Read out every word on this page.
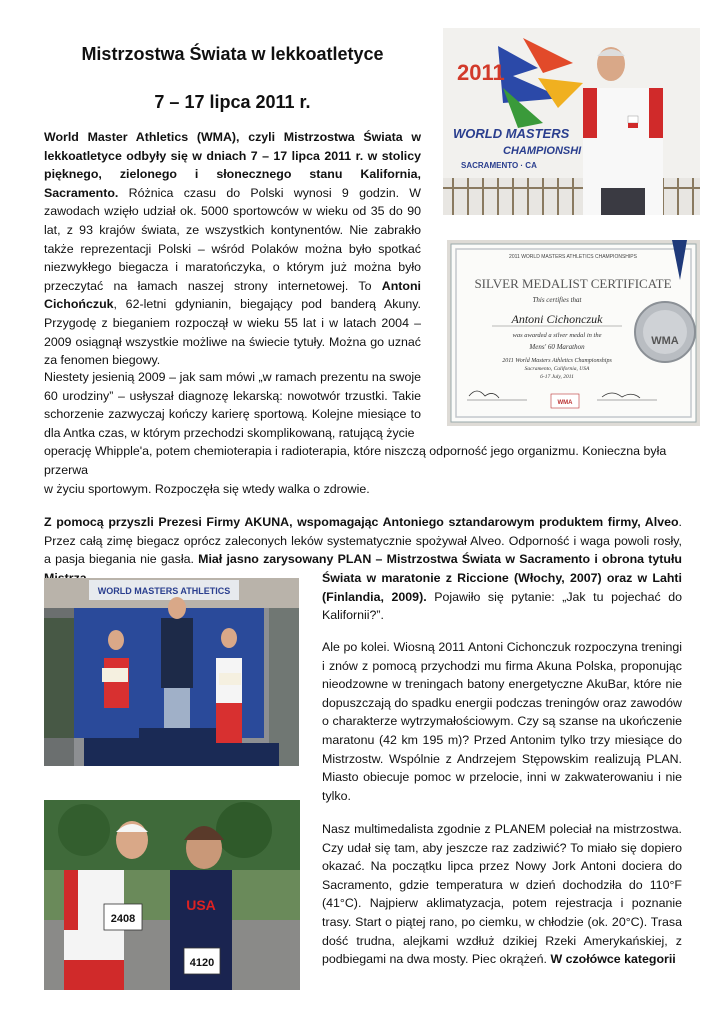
Mistrzostwa Świata w lekkoatletyce
7 – 17 lipca 2011 r.

World Master Athletics (WMA), czyli Mistrzostwa Świata w lekkoatletyce odbyły się w dniach 7 – 17 lipca 2011 r. w stolicy pięknego, zielonego i słonecznego stanu Kalifornia, Sacramento. Różnica czasu do Polski wynosi 9 godzin. W zawodach wzięło udział ok. 5000 sportowców w wieku od 35 do 90 lat, z 93 krajów świata, ze wszystkich kontynentów. Nie zabrakło także reprezentacji Polski – wśród Polaków można było spotkać niezwykłego biegacza i maratończyka, o którym już można było przeczytać na łamach naszej strony internetowej. To Antoni Cichończuk, 62-letni gdynianin, biegający pod banderą Akuny. Przygodę z bieganiem rozpoczął w wieku 55 lat i w latach 2004 – 2009 osiągnął wszystkie możliwe na świecie tytuły. Można go uznać za fenomen biegowy.

Niestety jesienią 2009 – jak sam mówi „w ramach prezentu na swoje 60 urodziny” – usłyszał diagnozę lekarską: nowotwór trzustki. Takie schorzenie zazwyczaj kończy karierę sportową. Kolejne miesiące to dla Antka czas, w którym przechodzi skomplikowaną, ratującą życie

operację Whipple'a, potem chemioterapia i radioterapia, które niszczą odporność jego organizmu. Konieczna była przerwa

w życiu sportowym. Rozpoczęła się wtedy walka o zdrowie.

Z pomocą przyszli Prezesi Firmy AKUNA, wspomagając Antoniego sztandarowym produktem firmy, Alveo. Przez całą zimę biegacz oprócz zaleconych leków systematycznie spożywał Alveo. Odporność i waga powoli rosły, a pasja biegania nie gasła. Miał jasno zarysowany PLAN – Mistrzostwa Świata w Sacramento i obrona tytułu

Świata w maratonie z Riccione (Włochy, 2007) oraz w Lahti (Finlandia, 2009). Pojawiło się pytanie: „Jak tu pojechać do Kalifornii?”.

Ale po kolei. Wiosną 2011 Antoni Cichonczuk rozpoczyna treningi i znów z pomocą przychodzi mu firma Akuna Polska, proponując nieodzowne w treningach batony energetyczne AkuBar, które nie dopuszczają do spadku energii podczas treningów oraz zawodów o charakterze wytrzymałościowym. Czy są szanse na ukończenie maratonu (42 km 195 m)? Przed Antonim tylko trzy miesiące do Mistrzostw. Wspólnie z Andrzejem Stępowskim realizują PLAN. Miasto obiecuje pomoc w przelocie, inni w zakwaterowaniu i nie tylko.

Nasz multimedalista zgodnie z PLANEM poleciał na mistrzostwa. Czy udał się tam, aby jeszcze raz zadziwić? To miało się dopiero okazać. Na początku lipca przez Nowy Jork Antoni dociera do Sacramento, gdzie temperatura w dzień dochodziła do 110°F (41°C). Najpierw aklimatyzacja, potem rejestracja i poznanie trasy. Start o piątej rano, po ciemku, w chłodzie (ok. 20°C). Trasa dość trudna, alejkami wzdłuż dzikiej Rzeki Amerykańskiej, z podbiegami na dwa mosty. Piec okrążeń. W czołówce kategorii

2011
WORLD MASTERS
CHAMPIONSHI
SACRAMENTO · CA
2011 WORLD MASTERS ATHLETICS CHAMPIONSHIPS
SILVER MEDALIST CERTIFICATE
This certifies that
Antoni Cichonczuk
was awarded a silver medal in the
Mens' 60 Marathon
2011 World Masters Athletics Championships
Sacramento, California, USA
6-17 July, 2011
WMA
WMA
WORLD MASTERS ATHLETICS
2408
USA
4120
